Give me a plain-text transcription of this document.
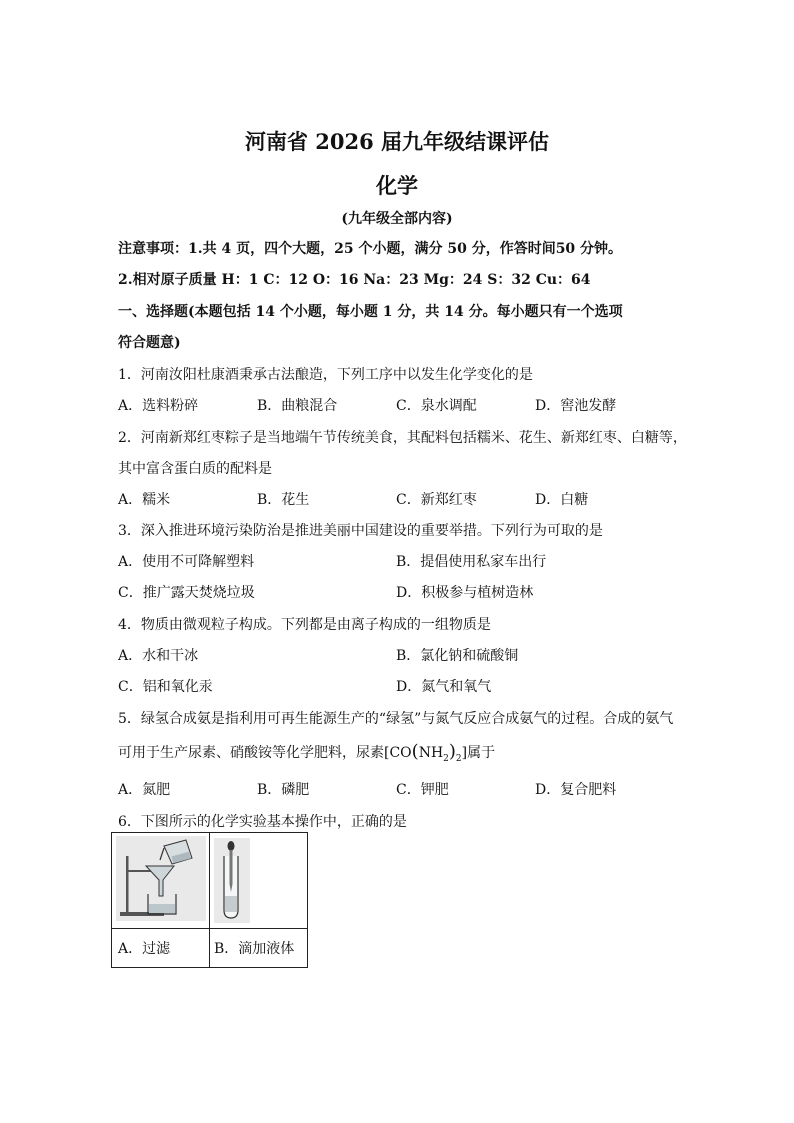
河南省 2026 届九年级结课评估
化学
(九年级全部内容)
注意事项：1.共 4 页，四个大题，25 个小题，满分 50 分，作答时间50 分钟。
2.相对原子质量 H：1 C：12 O：16 Na：23 Mg：24 S：32 Cu：64
一、选择题(本题包括 14 个小题，每小题 1 分，共 14 分。每小题只有一个选项
符合题意)
1．河南汝阳杜康酒秉承古法酿造，下列工序中以发生化学变化的是
A．选料粉碎	B．曲粮混合	C．泉水调配	D．窖池发酵
2．河南新郑红枣粽子是当地端午节传统美食，其配料包括糯米、花生、新郑红枣、白糖等，
其中富含蛋白质的配料是
A．糯米	B．花生	C．新郑红枣	D．白糖
3．深入推进环境污染防治是推进美丽中国建设的重要举措。下列行为可取的是
A．使用不可降解塑料	B．提倡使用私家车出行
C．推广露天焚烧垃圾	D．积极参与植树造林
4．物质由微观粒子构成。下列都是由离子构成的一组物质是
A．水和干冰	B．氯化钠和硫酸铜
C．铝和氧化汞	D．氮气和氧气
5．绿氢合成氨是指利用可再生能源生产的“绿氢”与氮气反应合成氨气的过程。合成的氨气
可用于生产尿素、硝酸铵等化学肥料，尿素$[CO(NH_2)_2]$属于
A．氮肥	B．磷肥	C．钾肥	D．复合肥料
6．下图所示的化学实验基本操作中，正确的是

A．过滤	B．滴加液体
